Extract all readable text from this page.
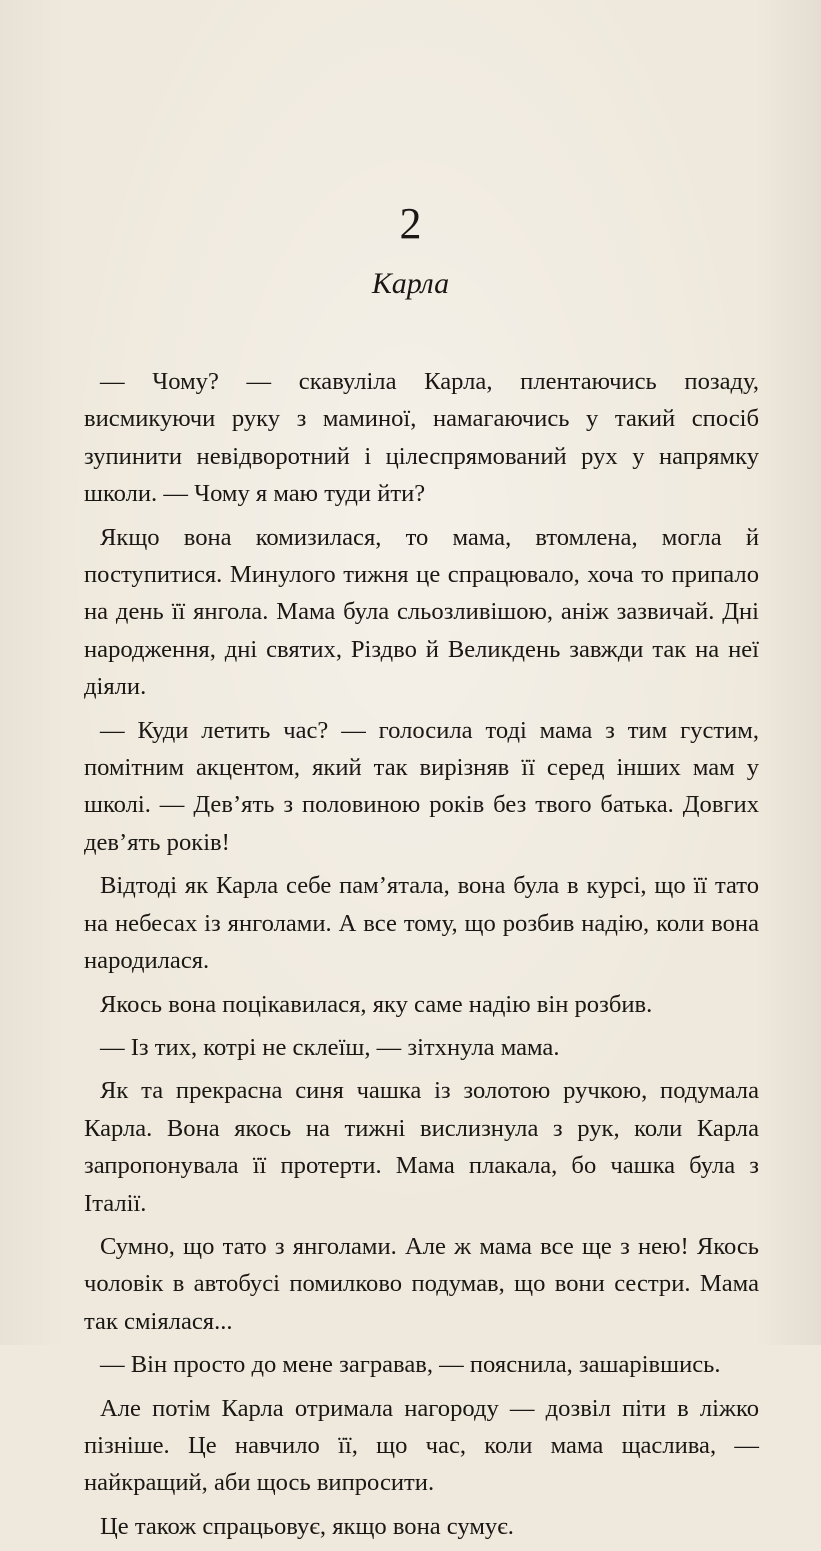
2
Карла

— Чому? — скавуліла Карла, плентаючись позаду, висмикуючи руку з маминої, намагаючись у такий спосіб зупинити невідворотний і цілеспрямований рух у напрямку школи. — Чому я маю туди йти?

Якщо вона комизилася, то мама, втомлена, могла й поступитися. Минулого тижня це спрацювало, хоча то припало на день її янгола. Мама була сльозливішою, аніж зазвичай. Дні народження, дні святих, Різдво й Великдень завжди так на неї діяли.

— Куди летить час? — голосила тоді мама з тим густим, помітним акцентом, який так вирізняв її серед інших мам у школі. — Дев’ять з половиною років без твого батька. Довгих дев’ять років!

Відтоді як Карла себе пам’ятала, вона була в курсі, що її тато на небесах із янголами. А все тому, що розбив надію, коли вона народилася.

Якось вона поцікавилася, яку саме надію він розбив.

— Із тих, котрі не склеїш, — зітхнула мама.

Як та прекрасна синя чашка із золотою ручкою, подумала Карла. Вона якось на тижні вислизнула з рук, коли Карла запропонувала її протерти. Мама плакала, бо чашка була з Італії.

Сумно, що тато з янголами. Але ж мама все ще з нею! Якось чоловік в автобусі помилково подумав, що вони сестри. Мама так сміялася...

— Він просто до мене загравав, — пояснила, зашарівшись.

Але потім Карла отримала нагороду — дозвіл піти в ліжко пізніше. Це навчило її, що час, коли мама щаслива, — найкращий, аби щось випросити.

Це також спрацьовує, якщо вона сумує.
